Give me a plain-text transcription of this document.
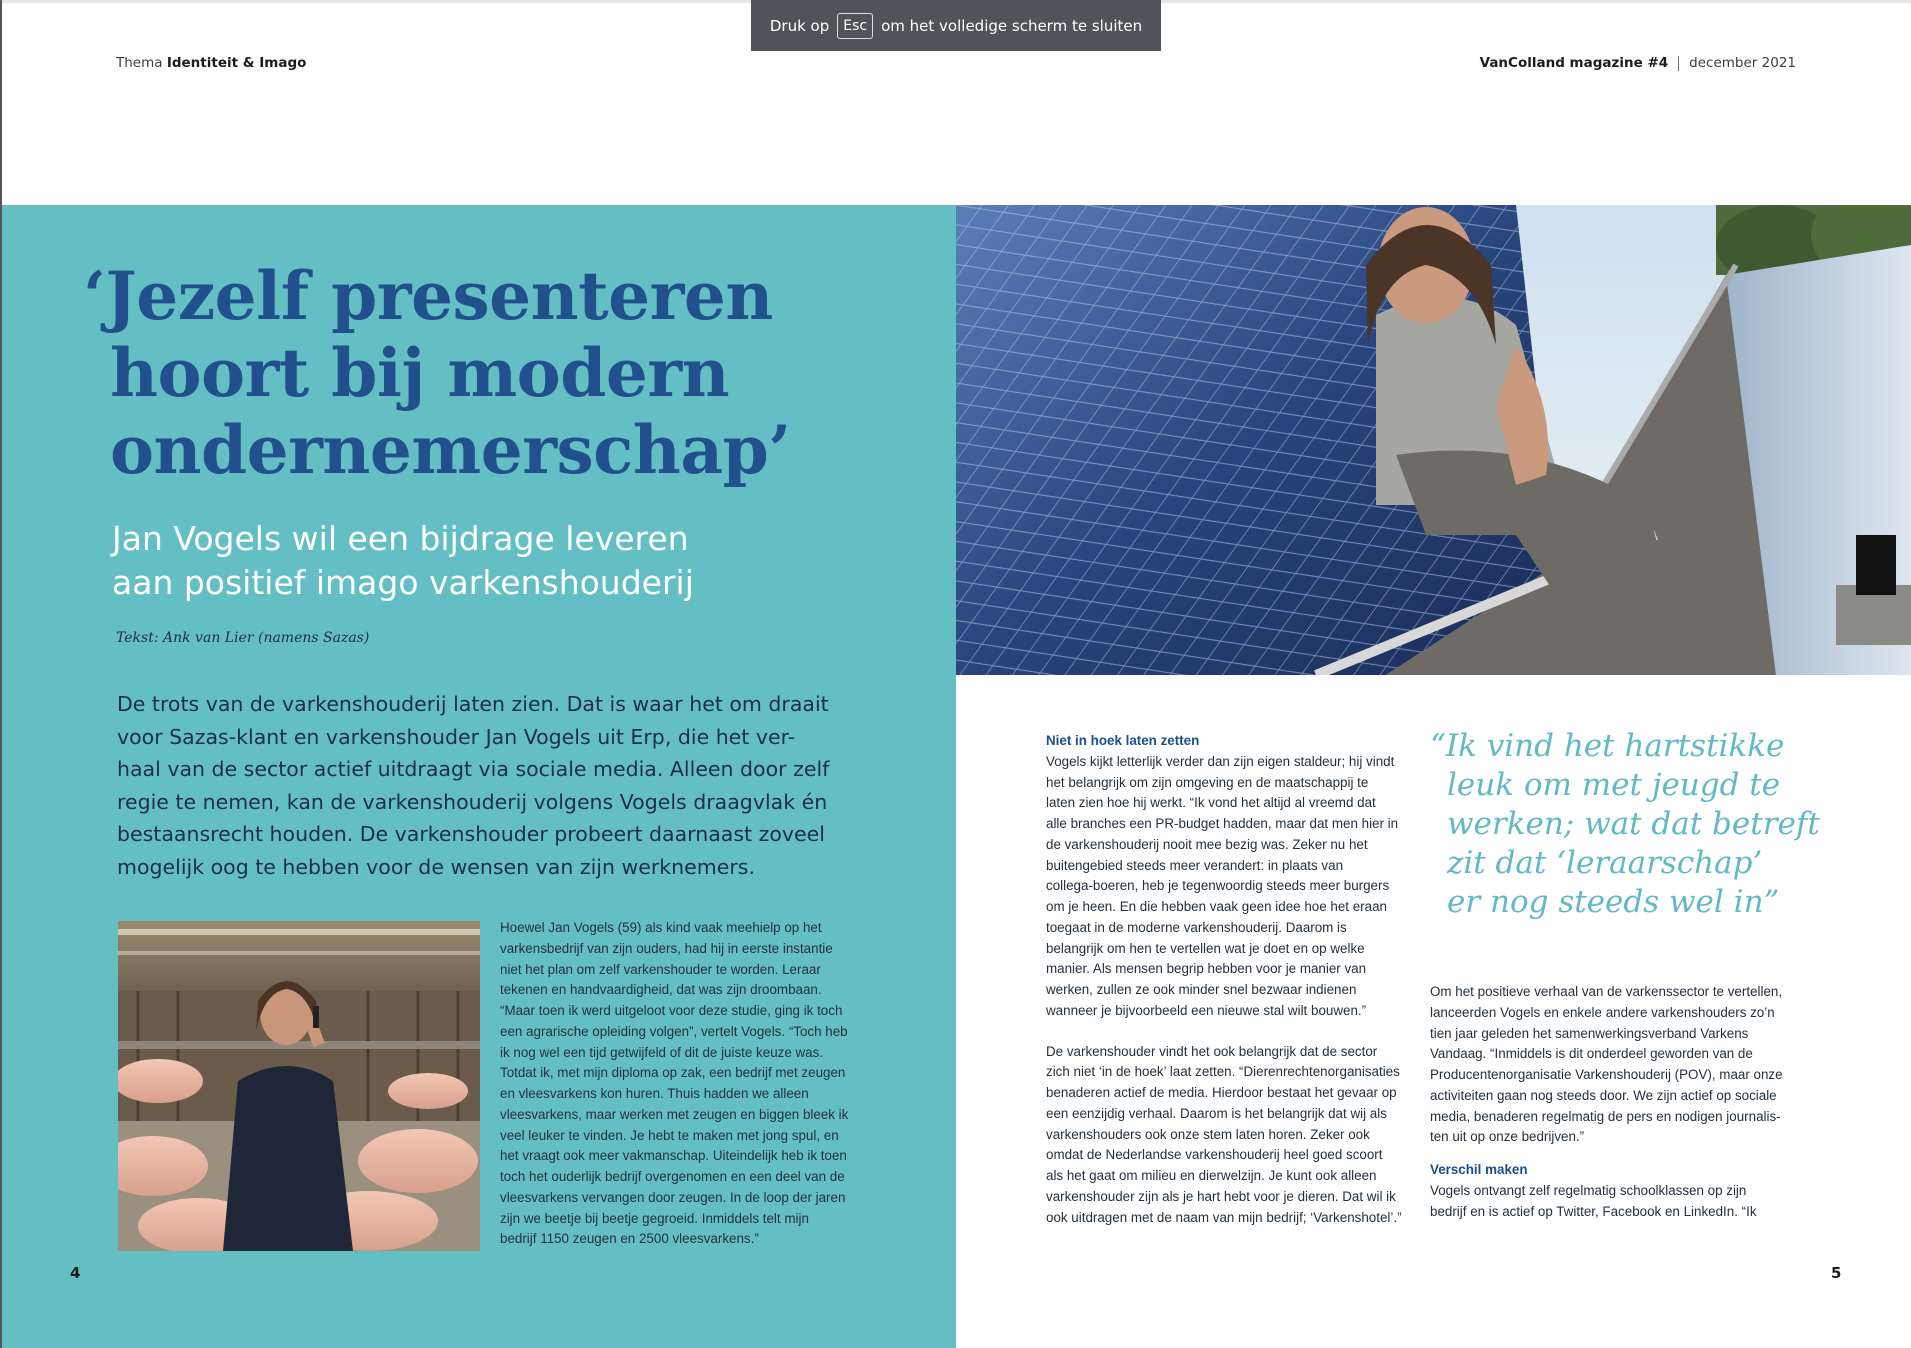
Thema Identiteit & Imago	VanColland magazine #4 december 2021
‘Jezelf presenteren
hoort bij modern
ondernemerschap’
Jan Vogels wil een bijdrage leveren
aan positief imago varkenshouderij
Tekst: Ank van Lier (namens Sazas)

De trots van de varkenshouderij laten zien. Dat is waar het om draait
voor Sazas-klant en varkenshouder Jan Vogels uit Erp, die het ver-
haal van de sector actief uitdraagt via sociale media. Alleen door zelf
regie te nemen, kan de varkenshouderij volgens Vogels draagvlak én
bestaansrecht houden. De varkenshouder probeert daarnaast zoveel
mogelijk oog te hebben voor de wensen van zijn werknemers.

Hoewel Jan Vogels (59) als kind vaak meehielp op het
varkensbedrijf van zijn ouders, had hij in eerste instantie
niet het plan om zelf varkenshouder te worden. Leraar
tekenen en handvaardigheid, dat was zijn droombaan.
“Maar toen ik werd uitgeloot voor deze studie, ging ik toch
een agrarische opleiding volgen”, vertelt Vogels. “Toch heb
ik nog wel een tijd getwijfeld of dit de juiste keuze was.
Totdat ik, met mijn diploma op zak, een bedrijf met zeugen
en vleesvarkens kon huren. Thuis hadden we alleen
vleesvarkens, maar werken met zeugen en biggen bleek ik
veel leuker te vinden. Je hebt te maken met jong spul, en
het vraagt ook meer vakmanschap. Uiteindelijk heb ik toen
toch het ouderlijk bedrijf overgenomen en een deel van de
vleesvarkens vervangen door zeugen. In de loop der jaren
zijn we beetje bij beetje gegroeid. Inmiddels telt mijn
bedrijf 1150 zeugen en 2500 vleesvarkens.”

4
Niet in hoek laten zetten

Vogels kijkt letterlijk verder dan zijn eigen staldeur; hij vindt
het belangrijk om zijn omgeving en de maatschappij te
laten zien hoe hij werkt. “Ik vond het altijd al vreemd dat
alle branches een PR-budget hadden, maar dat men hier in
de varkenshouderij nooit mee bezig was. Zeker nu het
buitengebied steeds meer verandert: in plaats van
collega-boeren, heb je tegenwoordig steeds meer burgers
om je heen. En die hebben vaak geen idee hoe het eraan
toegaat in de moderne varkenshouderij. Daarom is
belangrijk om hen te vertellen wat je doet en op welke
manier. Als mensen begrip hebben voor je manier van
werken, zullen ze ook minder snel bezwaar indienen
wanneer je bijvoorbeeld een nieuwe stal wilt bouwen.”

De varkenshouder vindt het ook belangrijk dat de sector
zich niet ‘in de hoek’ laat zetten. “Dierenrechtenorganisaties
benaderen actief de media. Hierdoor bestaat het gevaar op
een eenzijdig verhaal. Daarom is het belangrijk dat wij als
varkenshouders ook onze stem laten horen. Zeker ook
omdat de Nederlandse varkenshouderij heel goed scoort
als het gaat om milieu en dierwelzijn. Je kunt ook alleen
varkenshouder zijn als je hart hebt voor je dieren. Dat wil ik
ook uitdragen met de naam van mijn bedrijf; ‘Varkenshotel’.”

“Ik vind het hartstikke
leuk om met jeugd te
werken; wat dat betreft
zit dat ‘leraarschap’
er nog steeds wel in”

Om het positieve verhaal van de varkenssector te vertellen,
lanceerden Vogels en enkele andere varkenshouders zo’n
tien jaar geleden het samenwerkingsverband Varkens
Vandaag. “Inmiddels is dit onderdeel geworden van de
Producentenorganisatie Varkenshouderij (POV), maar onze
activiteiten gaan nog steeds door. We zijn actief op sociale
media, benaderen regelmatig de pers en nodigen journalis-
ten uit op onze bedrijven.”

Verschil maken

Vogels ontvangt zelf regelmatig schoolklassen op zijn
bedrijf en is actief op Twitter, Facebook en LinkedIn. “Ik

5
Druk op	Esc om het volledige scherm te sluiten
